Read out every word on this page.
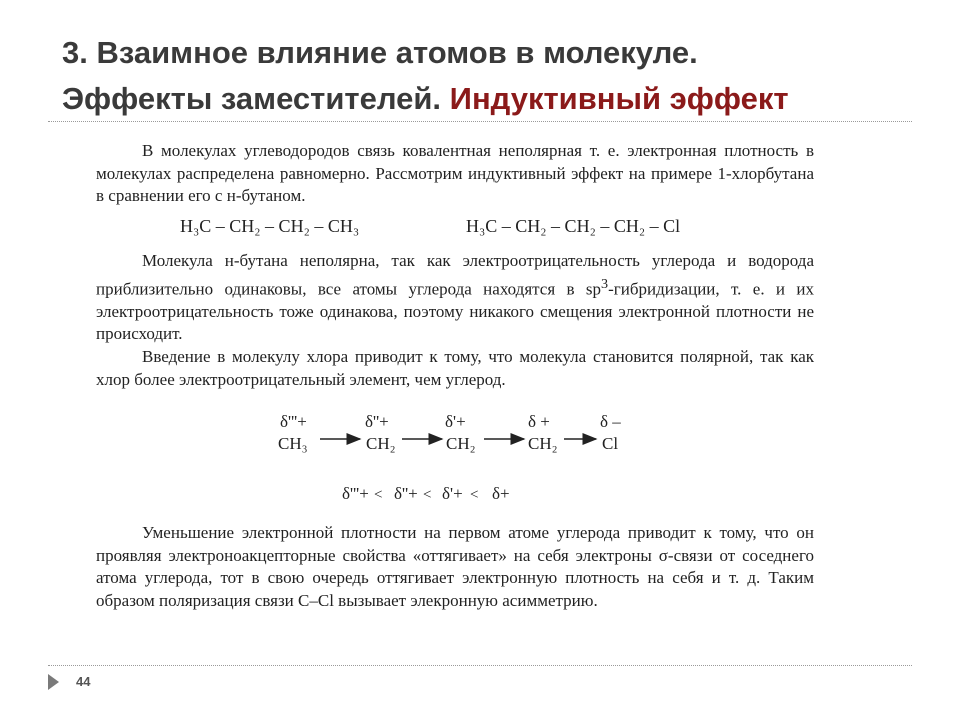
3. Взаимное влияние атомов в молекуле.
Эффекты заместителей. Индуктивный эффект

В молекулах углеводородов связь ковалентная неполярная т. е. электронная плотность в молекулах распределена равномерно. Рассмотрим индуктивный эффект на примере 1-хлорбутана в сравнении его с н-бутаном.

H₃C – CH₂ – CH₂ – CH₃	H₃C – CH₂ – CH₂ – CH₂ – Cl

Молекула н-бутана неполярна, так как электроотрицательность углерода и водорода приблизительно одинаковы, все атомы углерода находятся в $sp^3$-гибридизации, т. е. и их электроотрицательность тоже одинакова, поэтому никакого смещения электронной плотности не происходит.

Введение в молекулу хлора приводит к тому, что молекула становится полярной, так как хлор более электроотрицательный элемент, чем углерод.

δ'''+	δ''+	δ'+	δ +	δ –
CH₃	CH₂	CH₂	CH₂	Cl
δ'''+ < δ''+ < δ'+ < δ+

Уменьшение электронной плотности на первом атоме углерода приводит к тому, что он проявляя электроноакцепторные свойства «оттягивает» на себя электроны σ-связи от соседнего атома углерода, тот в свою очередь оттягивает электронную плотность на себя и т. д. Таким образом поляризация связи С–Cl вызывает элекронную асимметрию.

44
